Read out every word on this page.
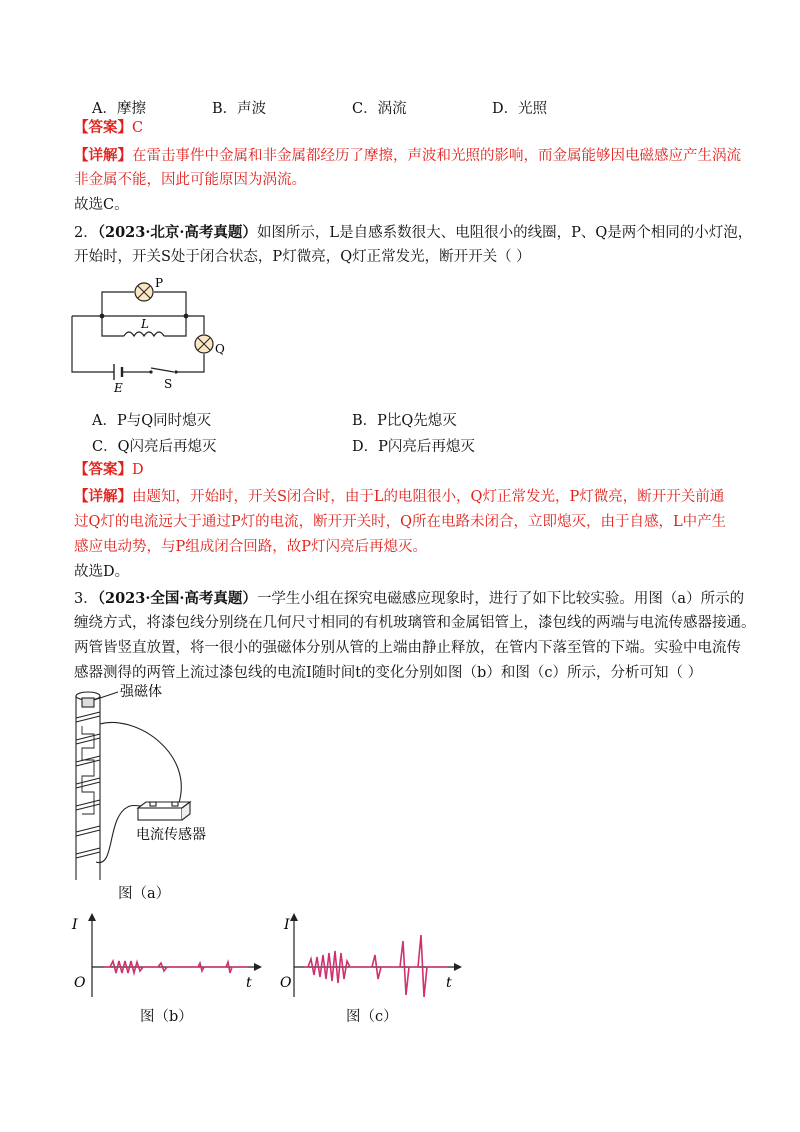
A．摩擦	B．声波	C．涡流	D．光照
【答案】C
【详解】在雷击事件中金属和非金属都经历了摩擦，声波和光照的影响，而金属能够因电磁感应产生涡流
非金属不能，因此可能原因为涡流。
故选C。
2．（2023·北京·高考真题）如图所示，L是自感系数很大、电阻很小的线圈，P、Q是两个相同的小灯泡，
开始时，开关S处于闭合状态，P灯微亮，Q灯正常发光，断开开关（ ）
P
Q
L
E	S
A．P与Q同时熄灭	B．P比Q先熄灭
C．Q闪亮后再熄灭	D．P闪亮后再熄灭
【答案】D
【详解】由题知，开始时，开关S闭合时，由于L的电阻很小，Q灯正常发光，P灯微亮，断开开关前通
过Q灯的电流远大于通过P灯的电流，断开开关时，Q所在电路未闭合，立即熄灭，由于自感，L中产生
感应电动势，与P组成闭合回路，故P灯闪亮后再熄灭。
故选D。
3．（2023·全国·高考真题）一学生小组在探究电磁感应现象时，进行了如下比较实验。用图（a）所示的
缠绕方式，将漆包线分别绕在几何尺寸相同的有机玻璃管和金属铝管上，漆包线的两端与电流传感器接通。
两管皆竖直放置，将一很小的强磁体分别从管的上端由静止释放，在管内下落至管的下端。实验中电流传
感器测得的两管上流过漆包线的电流I随时间t的变化分别如图（b）和图（c）所示，分析可知（ ）
强磁体
电流传感器
图（a）
I
t
O
图（b）
I
t
O
图（c）
